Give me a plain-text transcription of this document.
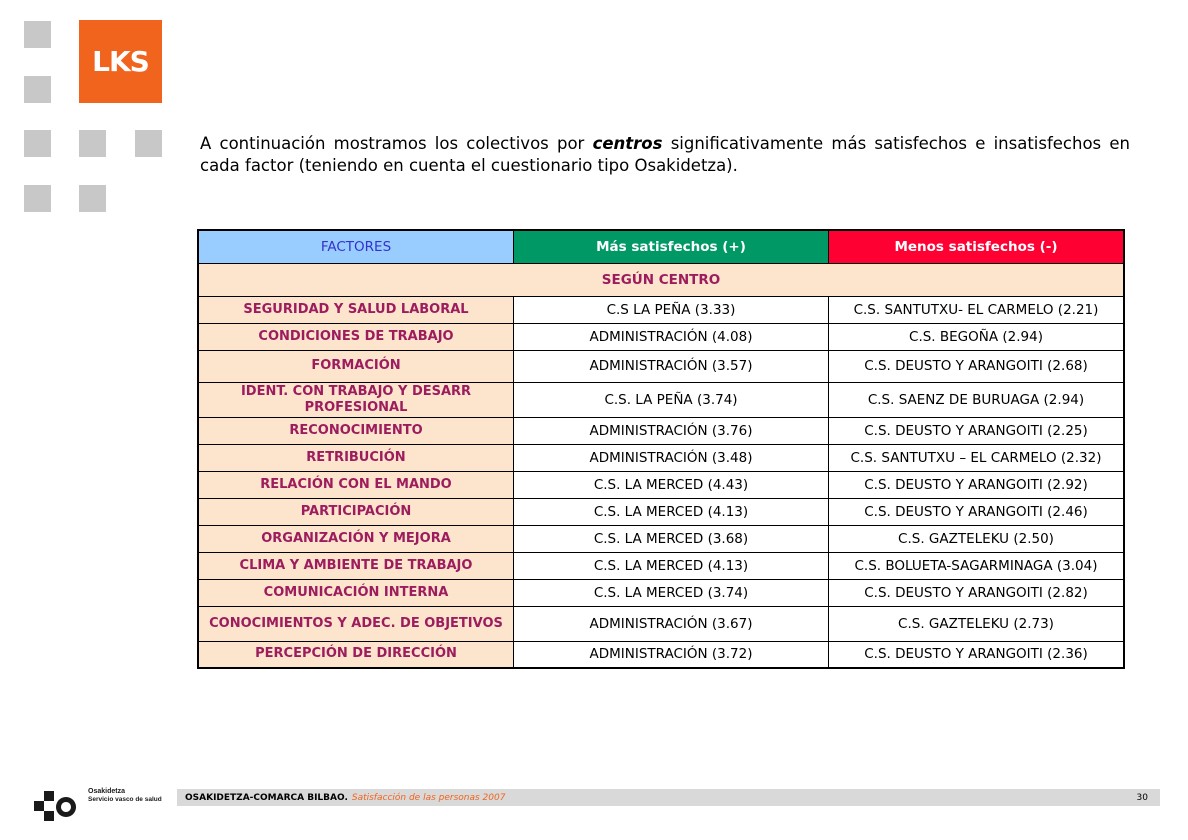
LKS

A continuación mostramos los colectivos por centros significativamente más satisfechos e insatisfechos en cada factor (teniendo en cuenta el cuestionario tipo Osakidetza).

FACTORES	Más satisfechos (+)	Menos satisfechos (-)
SEGÚN CENTRO		
SEGURIDAD Y SALUD LABORAL	C.S LA PEÑA (3.33)	C.S. SANTUTXU- EL CARMELO (2.21)
CONDICIONES DE TRABAJO	ADMINISTRACIÓN (4.08)	C.S. BEGOÑA (2.94)
FORMACIÓN	ADMINISTRACIÓN (3.57)	C.S. DEUSTO Y ARANGOITI (2.68)
IDENT. CON TRABAJO Y DESARR PROFESIONAL	C.S. LA PEÑA (3.74)	C.S. SAENZ DE BURUAGA (2.94)
RECONOCIMIENTO	ADMINISTRACIÓN (3.76)	C.S. DEUSTO Y ARANGOITI (2.25)
RETRIBUCIÓN	ADMINISTRACIÓN (3.48)	C.S. SANTUTXU – EL CARMELO (2.32)
RELACIÓN CON EL MANDO	C.S. LA MERCED (4.43)	C.S. DEUSTO Y ARANGOITI (2.92)
PARTICIPACIÓN	C.S. LA MERCED (4.13)	C.S. DEUSTO Y ARANGOITI (2.46)
ORGANIZACIÓN Y MEJORA	C.S. LA MERCED (3.68)	C.S. GAZTELEKU (2.50)
CLIMA Y AMBIENTE DE TRABAJO	C.S. LA MERCED (4.13)	C.S. BOLUETA-SAGARMINAGA (3.04)
COMUNICACIÓN INTERNA	C.S. LA MERCED (3.74)	C.S. DEUSTO Y ARANGOITI (2.82)
CONOCIMIENTOS Y ADEC. DE OBJETIVOS	ADMINISTRACIÓN (3.67)	C.S. GAZTELEKU (2.73)
PERCEPCIÓN DE DIRECCIÓN	ADMINISTRACIÓN (3.72)	C.S. DEUSTO Y ARANGOITI (2.36)
Osakidetza
Servicio vasco de salud	OSAKIDETZA-COMARCA BILBAO. Satisfacción de las personas 2007	30
